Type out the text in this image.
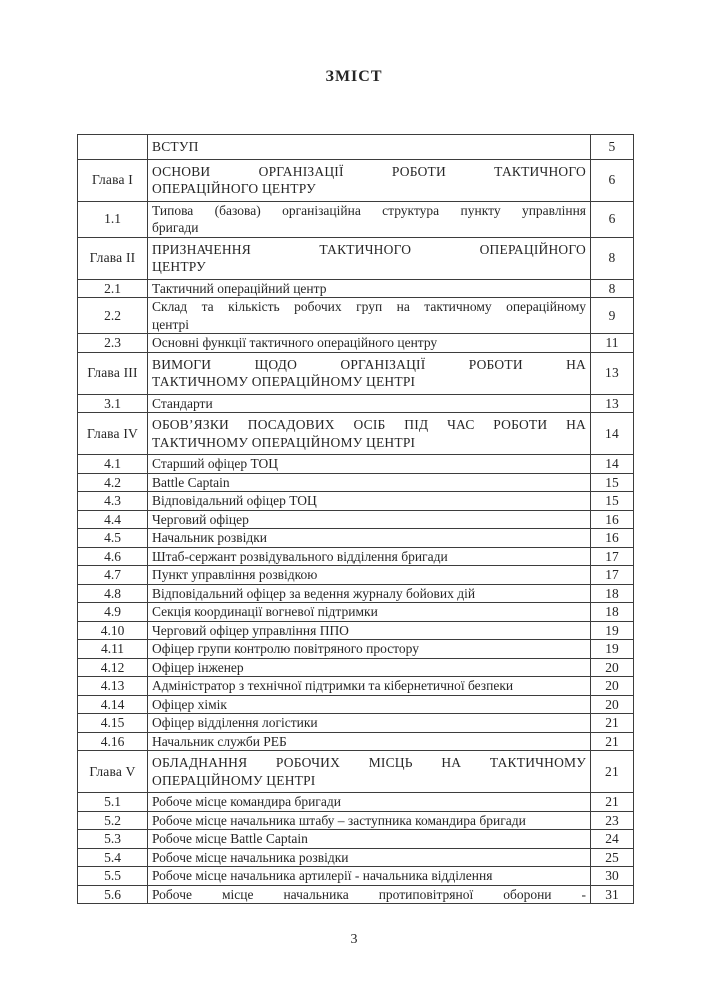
ЗМІСТ
	ВСТУП	5
Глава I	ОСНОВИ ОРГАНІЗАЦІЇ РОБОТИ ТАКТИЧНОГО
ОПЕРАЦІЙНОГО ЦЕНТРУ	6
1.1	Типова (базова) організаційна структура пункту управління
бригади	6
Глава II	ПРИЗНАЧЕННЯ ТАКТИЧНОГО ОПЕРАЦІЙНОГО
ЦЕНТРУ	8
2.1	Тактичний операційний центр	8
2.2	Склад та кількість робочих груп на тактичному операційному
центрі	9
2.3	Основні функції тактичного операційного центру	11
Глава III	ВИМОГИ ЩОДО ОРГАНІЗАЦІЇ РОБОТИ НА
ТАКТИЧНОМУ ОПЕРАЦІЙНОМУ ЦЕНТРІ	13
3.1	Стандарти	13
Глава IV	ОБОВ’ЯЗКИ ПОСАДОВИХ ОСІБ ПІД ЧАС РОБОТИ НА
ТАКТИЧНОМУ ОПЕРАЦІЙНОМУ ЦЕНТРІ	14
4.1	Старший офіцер ТОЦ	14
4.2	Battle Captain	15
4.3	Відповідальний офіцер ТОЦ	15
4.4	Черговий офіцер	16
4.5	Начальник розвідки	16
4.6	Штаб-сержант розвідувального відділення бригади	17
4.7	Пункт управління розвідкою	17
4.8	Відповідальний офіцер за ведення журналу бойових дій	18
4.9	Секція координації вогневої підтримки	18
4.10	Черговий офіцер управління ППО	19
4.11	Офіцер групи контролю повітряного простору	19
4.12	Офіцер інженер	20
4.13	Адміністратор з технічної підтримки та кібернетичної безпеки	20
4.14	Офіцер хімік	20
4.15	Офіцер відділення логістики	21
4.16	Начальник служби РЕБ	21
Глава V	ОБЛАДНАННЯ РОБОЧИХ МІСЦЬ НА ТАКТИЧНОМУ
ОПЕРАЦІЙНОМУ ЦЕНТРІ	21
5.1	Робоче місце командира бригади	21
5.2	Робоче місце начальника штабу – заступника командира бригади	23
5.3	Робоче місце Battle Captain	24
5.4	Робоче місце начальника розвідки	25
5.5	Робоче місце начальника артилерії - начальника відділення	30
5.6	Робоче місце начальника протиповітряної оборони -	31
3
